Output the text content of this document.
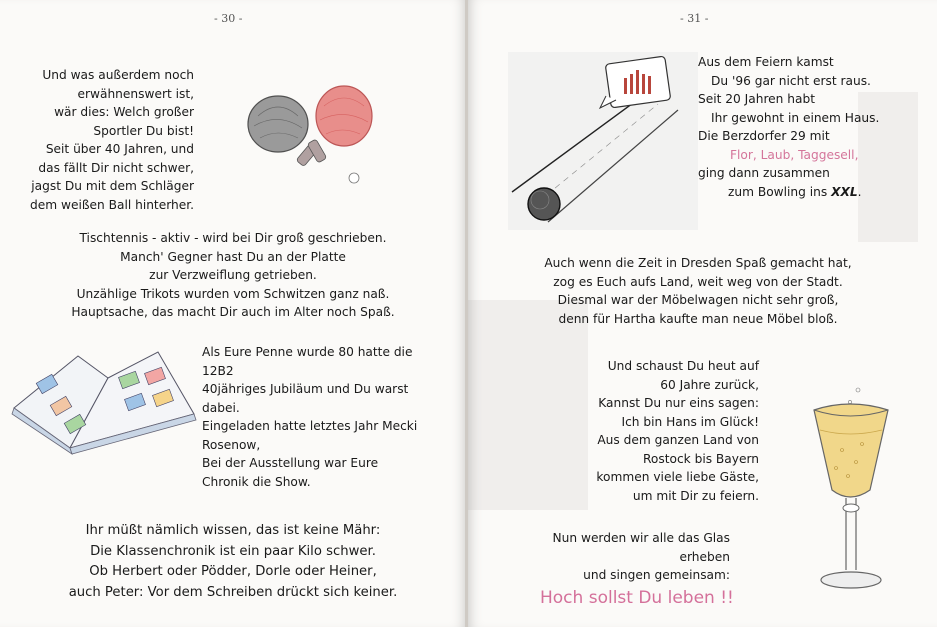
- 30 -
Und was außerdem noch
erwähnenswert ist,
wär dies: Welch großer
Sportler Du bist!
Seit über 40 Jahren, und
das fällt Dir nicht schwer,
jagst Du mit dem Schläger
dem weißen Ball hinterher.
Tischtennis - aktiv - wird bei Dir groß geschrieben.
Manch' Gegner hast Du an der Platte
zur Verzweiflung getrieben.
Unzählige Trikots wurden vom Schwitzen ganz naß.
Hauptsache, das macht Dir auch im Alter noch Spaß.
Als Eure Penne wurde 80 hatte die
12B2
40jähriges Jubiläum und Du warst
dabei.
Eingeladen hatte letztes Jahr Mecki
Rosenow,
Bei der Ausstellung war Eure
Chronik die Show.
Ihr müßt nämlich wissen, das ist keine Mähr:
Die Klassenchronik ist ein paar Kilo schwer.
Ob Herbert oder Pödder, Dorle oder Heiner,
auch Peter: Vor dem Schreiben drückt sich keiner.
- 31 -
Aus dem Feiern kamst
Du '96 gar nicht erst raus.
Seit 20 Jahren habt
Ihr gewohnt in einem Haus.
Die Berzdorfer 29 mit
Flor, Laub, Taggesell,
ging dann zusammen
zum Bowling ins XXL.
Auch wenn die Zeit in Dresden Spaß gemacht hat,
zog es Euch aufs Land, weit weg von der Stadt.
Diesmal war der Möbelwagen nicht sehr groß,
denn für Hartha kaufte man neue Möbel bloß.
Und schaust Du heut auf
60 Jahre zurück,
Kannst Du nur eins sagen:
Ich bin Hans im Glück!
Aus dem ganzen Land von
Rostock bis Bayern
kommen viele liebe Gäste,
um mit Dir zu feiern.
Nun werden wir alle das Glas
erheben
und singen gemeinsam:
Hoch sollst Du leben !!
